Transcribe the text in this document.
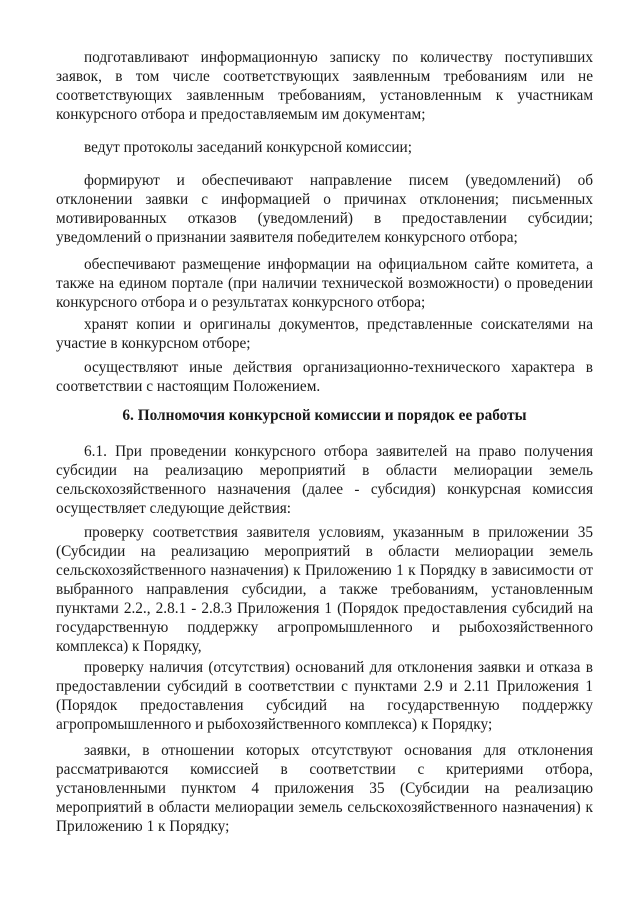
подготавливают информационную записку по количеству поступивших заявок, в том числе соответствующих заявленным требованиям или не соответствующих заявленным требованиям, установленным к участникам конкурсного отбора и предоставляемым им документам;

ведут протоколы заседаний конкурсной комиссии;

формируют и обеспечивают направление писем (уведомлений) об отклонении заявки с информацией о причинах отклонения; письменных мотивированных отказов (уведомлений) в предоставлении субсидии; уведомлений о признании заявителя победителем конкурсного отбора;

обеспечивают размещение информации на официальном сайте комитета, а также на едином портале (при наличии технической возможности) о проведении конкурсного отбора и о результатах конкурсного отбора;

хранят копии и оригиналы документов, представленные соискателями на участие в конкурсном отборе;

осуществляют иные действия организационно-технического характера в соответствии с настоящим Положением.

6. Полномочия конкурсной комиссии и порядок ее работы

6.1. При проведении конкурсного отбора заявителей на право получения субсидии на реализацию мероприятий в области мелиорации земель сельскохозяйственного назначения (далее - субсидия) конкурсная комиссия осуществляет следующие действия:

проверку соответствия заявителя условиям, указанным в приложении 35 (Субсидии на реализацию мероприятий в области мелиорации земель сельскохозяйственного назначения) к Приложению 1 к Порядку в зависимости от выбранного направления субсидии, а также требованиям, установленным пунктами 2.2., 2.8.1 - 2.8.3 Приложения 1 (Порядок предоставления субсидий на государственную поддержку агропромышленного и рыбохозяйственного комплекса) к Порядку,

проверку наличия (отсутствия) оснований для отклонения заявки и отказа в предоставлении субсидий в соответствии с пунктами 2.9 и 2.11 Приложения 1 (Порядок предоставления субсидий на государственную поддержку агропромышленного и рыбохозяйственного комплекса) к Порядку;

заявки, в отношении которых отсутствуют основания для отклонения рассматриваются комиссией в соответствии с критериями отбора, установленными пунктом 4 приложения 35 (Субсидии на реализацию мероприятий в области мелиорации земель сельскохозяйственного назначения) к Приложению 1 к Порядку;
